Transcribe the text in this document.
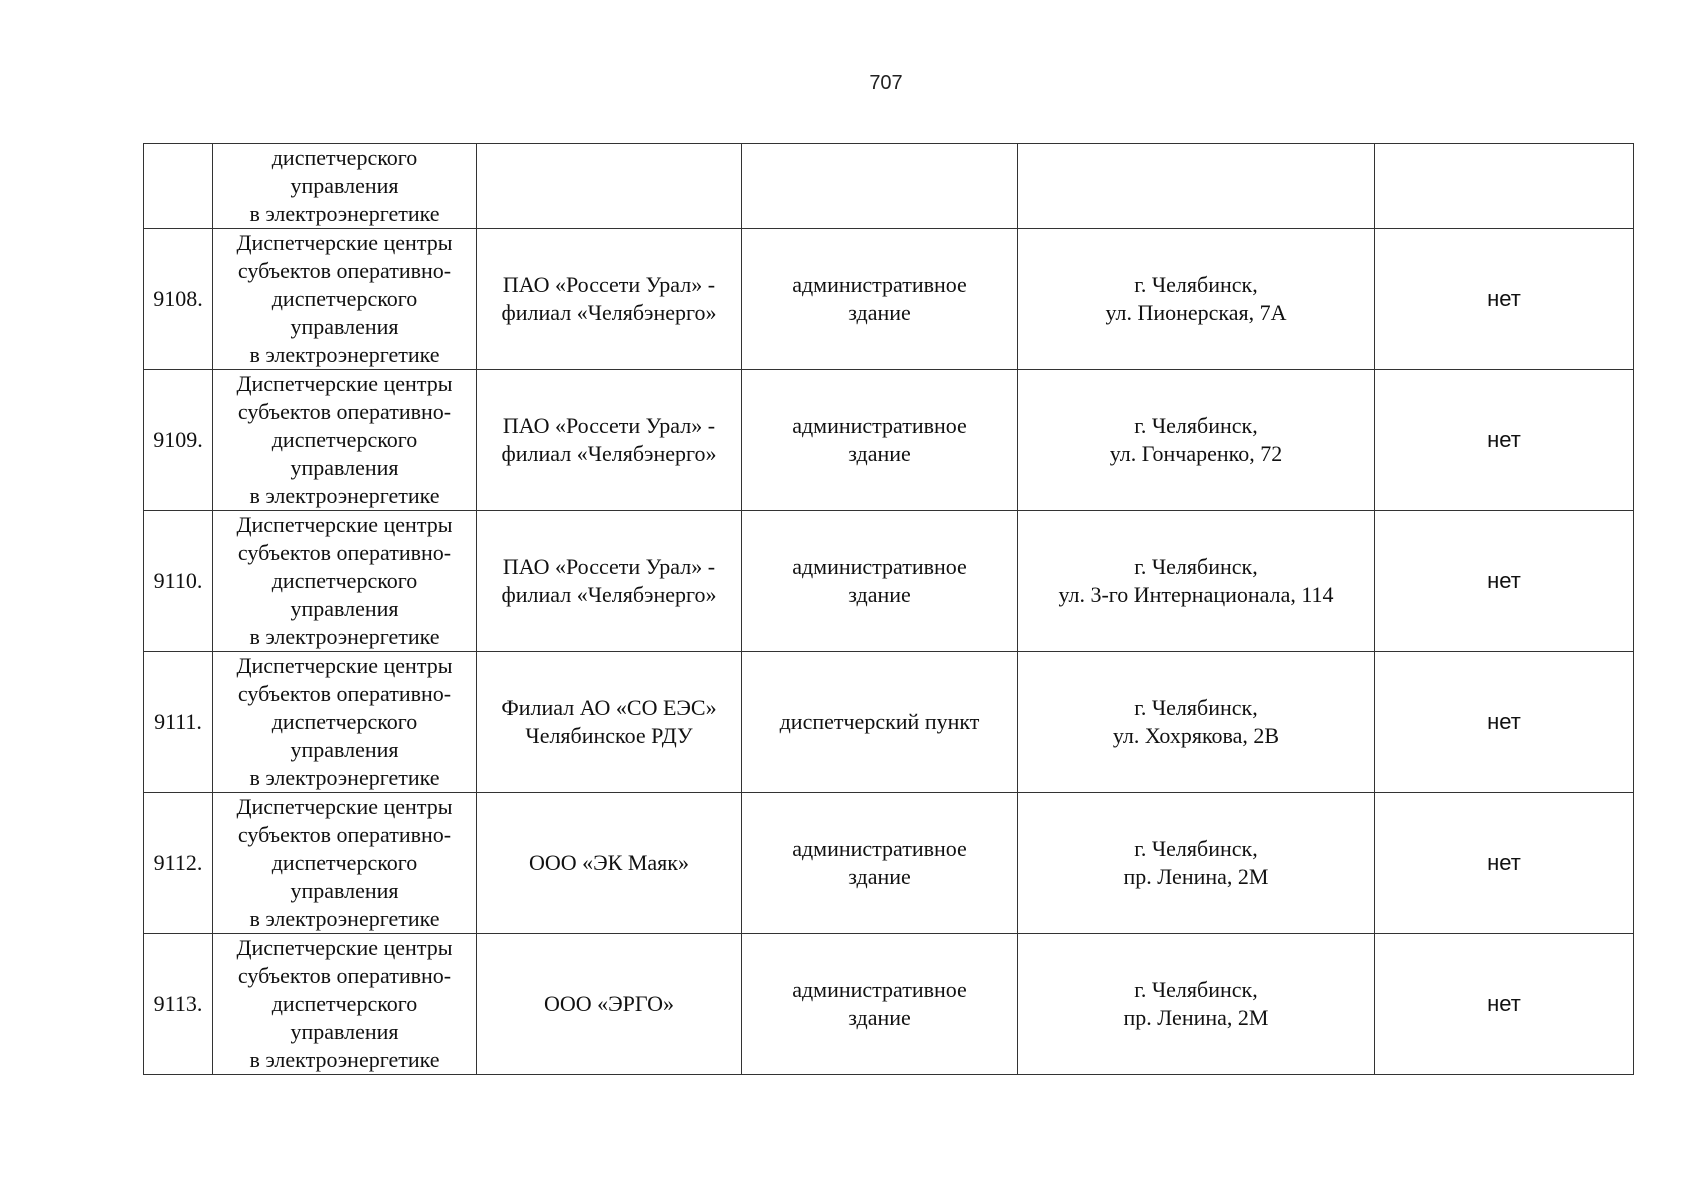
707
	диспетчерского
управления
в электроэнергетике				
9108.	Диспетчерские центры
субъектов оперативно-
диспетчерского
управления
в электроэнергетике	ПАО «Россети Урал» -
филиал «Челябэнерго»	административное
здание	г. Челябинск,
ул. Пионерская, 7А	нет
9109.	Диспетчерские центры
субъектов оперативно-
диспетчерского
управления
в электроэнергетике	ПАО «Россети Урал» -
филиал «Челябэнерго»	административное
здание	г. Челябинск,
ул. Гончаренко, 72	нет
9110.	Диспетчерские центры
субъектов оперативно-
диспетчерского
управления
в электроэнергетике	ПАО «Россети Урал» -
филиал «Челябэнерго»	административное
здание	г. Челябинск,
ул. 3-го Интернационала, 114	нет
9111.	Диспетчерские центры
субъектов оперативно-
диспетчерского
управления
в электроэнергетике	Филиал АО «СО ЕЭС»
Челябинское РДУ	диспетчерский пункт	г. Челябинск,
ул. Хохрякова, 2В	нет
9112.	Диспетчерские центры
субъектов оперативно-
диспетчерского
управления
в электроэнергетике	ООО «ЭК Маяк»	административное
здание	г. Челябинск,
пр. Ленина, 2М	нет
9113.	Диспетчерские центры
субъектов оперативно-
диспетчерского
управления
в электроэнергетике	ООО «ЭРГО»	административное
здание	г. Челябинск,
пр. Ленина, 2М	нет
